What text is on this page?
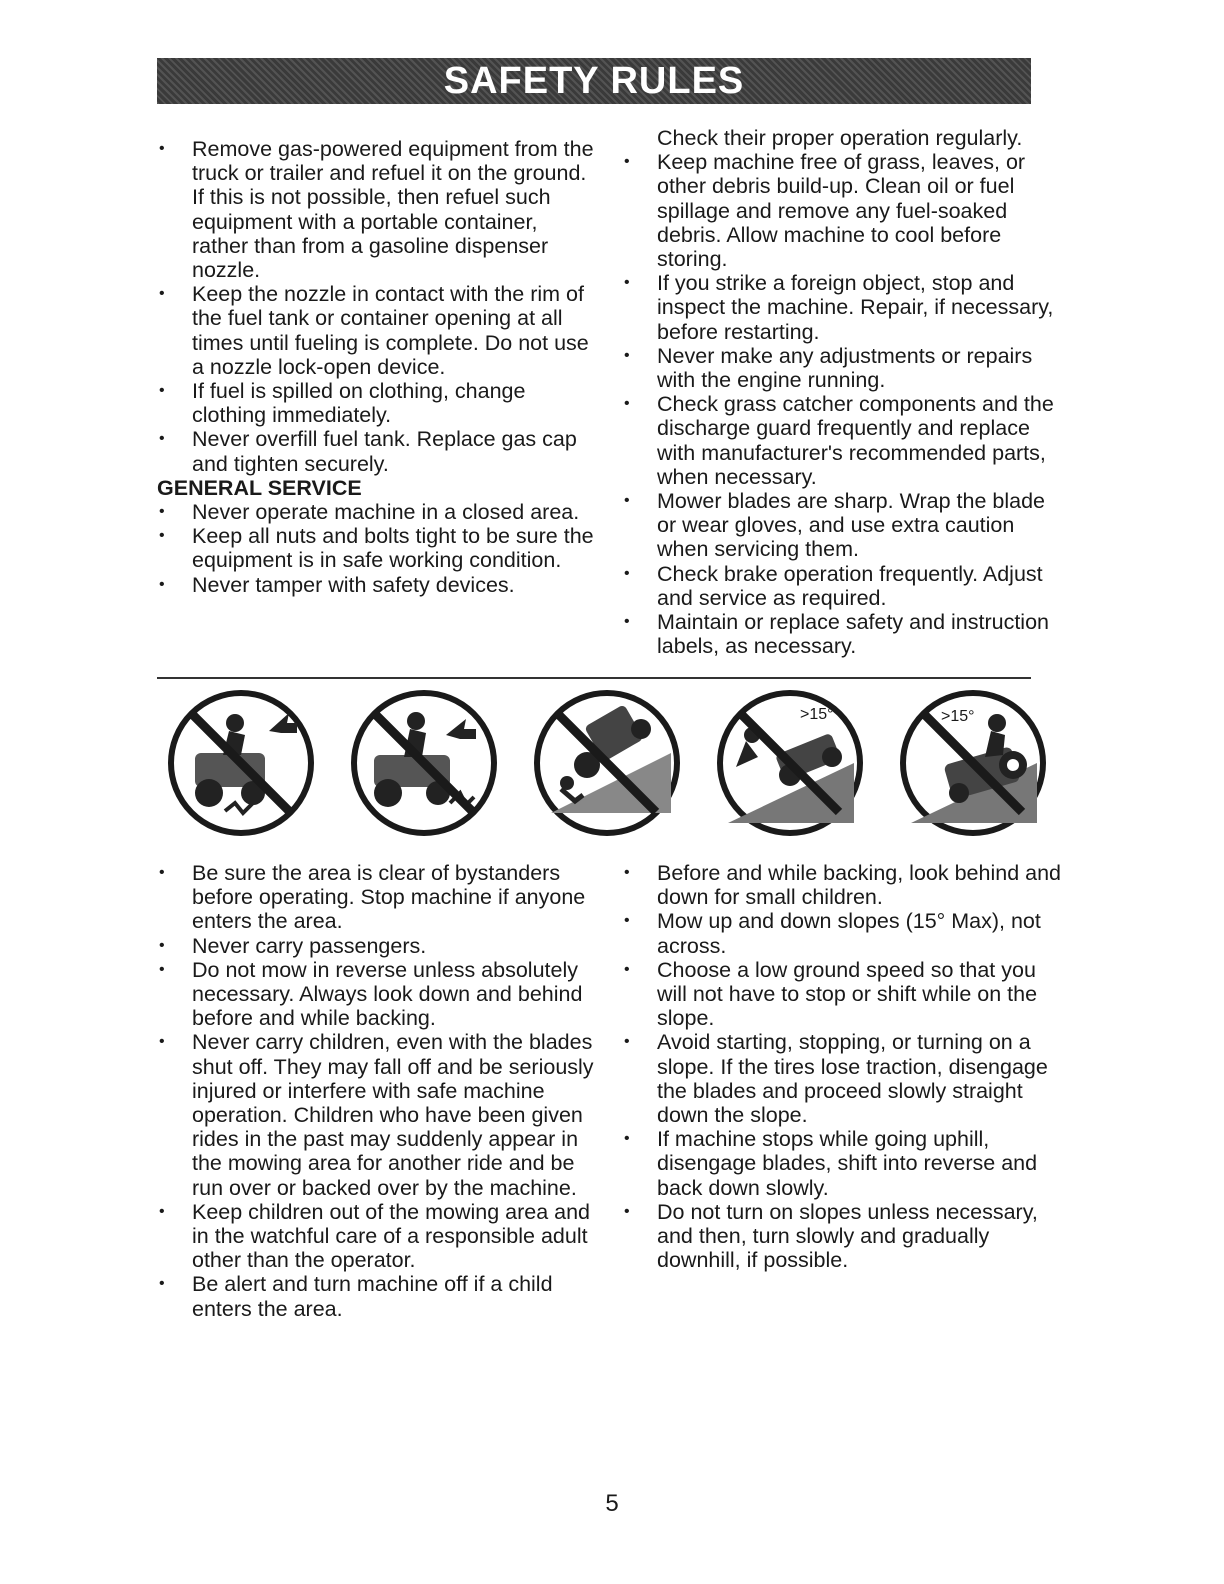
SAFETY RULES
• Remove gas-powered equipment from the truck or trailer and refuel it on the ground. If this is not possible, then refuel such equipment with a portable container, rather than from a gasoline dispenser nozzle.
• Keep the nozzle in contact with the rim of the fuel tank or container opening at all times until fueling is complete. Do not use a nozzle lock-open device.
• If fuel is spilled on clothing, change clothing immediately.
• Never overfill fuel tank. Replace gas cap and tighten securely.
GENERAL SERVICE
• Never operate machine in a closed area.
• Keep all nuts and bolts tight to be sure the equipment is in safe working condition.
• Never tamper with safety devices.
Check their proper operation regularly.
• Keep machine free of grass, leaves, or other debris build-up. Clean oil or fuel spillage and remove any fuel-soaked debris. Allow machine to cool before storing.
• If you strike a foreign object, stop and inspect the machine. Repair, if necessary, before restarting.
• Never make any adjustments or repairs with the engine running.
• Check grass catcher components and the discharge guard frequently and replace with manufacturer's recommended parts, when necessary.
• Mower blades are sharp. Wrap the blade or wear gloves, and use extra caution when servicing them.
• Check brake operation frequently. Adjust and service as required.
• Maintain or replace safety and instruction labels, as necessary.
>15°	>15°
• Be sure the area is clear of bystanders before operating. Stop machine if anyone enters the area.
• Never carry passengers.
• Do not mow in reverse unless absolutely necessary. Always look down and behind before and while backing.
• Never carry children, even with the blades shut off. They may fall off and be seriously injured or interfere with safe machine operation. Children who have been given rides in the past may suddenly appear in the mowing area for another ride and be run over or backed over by the machine.
• Keep children out of the mowing area and in the watchful care of a responsible adult other than the operator.
• Be alert and turn machine off if a child enters the area.
• Before and while backing, look behind and down for small children.
• Mow up and down slopes (15° Max), not across.
• Choose a low ground speed so that you will not have to stop or shift while on the slope.
• Avoid starting, stopping, or turning on a slope. If the tires lose traction, disengage the blades and proceed slowly straight down the slope.
• If machine stops while going uphill, disengage blades, shift into reverse and back down slowly.
• Do not turn on slopes unless necessary, and then, turn slowly and gradually downhill, if possible.
5
